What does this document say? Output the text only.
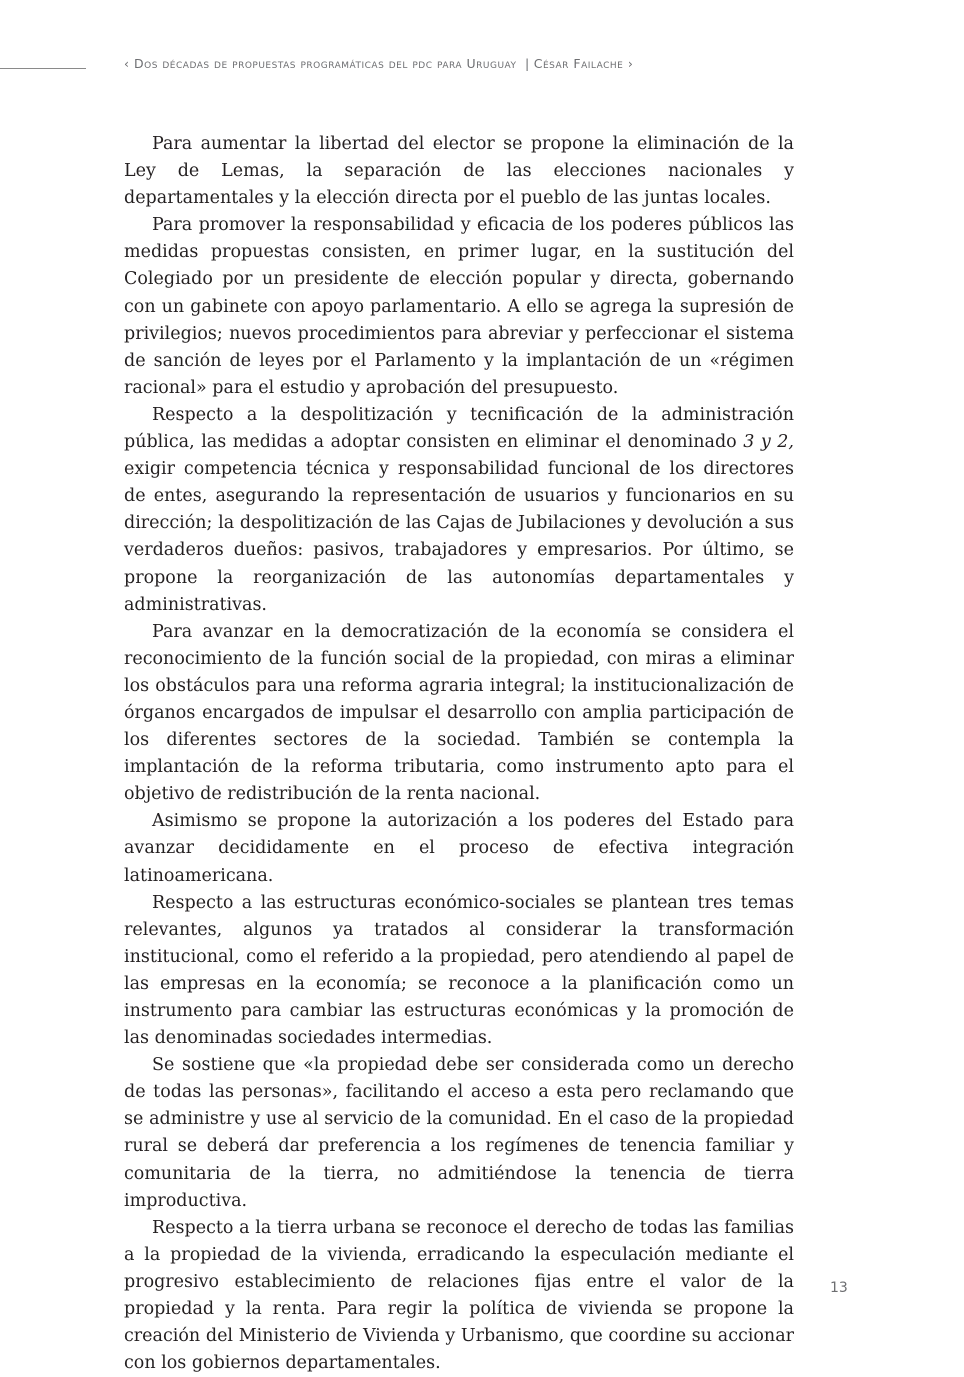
‹ Dos décadas de propuestas programáticas del pdc para Uruguay | César Failache ›

Para aumentar la libertad del elector se propone la eliminación de la Ley de Lemas, la separación de las elecciones nacionales y departamentales y la elección directa por el pueblo de las juntas locales.

Para promover la responsabilidad y eficacia de los poderes públicos las medidas propuestas consisten, en primer lugar, en la sustitución del Colegiado por un presidente de elección popular y directa, gobernando con un gabinete con apoyo parlamentario. A ello se agrega la supresión de privilegios; nuevos procedimientos para abreviar y perfeccionar el sistema de sanción de leyes por el Parlamento y la implantación de un «régimen racional» para el estudio y aprobación del presupuesto.

Respecto a la despolitización y tecnificación de la administración pública, las medidas a adoptar consisten en eliminar el denominado 3 y 2, exigir competencia técnica y responsabilidad funcional de los directores de entes, asegurando la representación de usuarios y funcionarios en su dirección; la despolitización de las Cajas de Jubilaciones y devolución a sus verdaderos dueños: pasivos, trabajadores y empresarios. Por último, se propone la reorganización de las autonomías departamentales y administrativas.

Para avanzar en la democratización de la economía se considera el reconocimiento de la función social de la propiedad, con miras a eliminar los obstáculos para una reforma agraria integral; la institucionalización de órganos encargados de impulsar el desarrollo con amplia participación de los diferentes sectores de la sociedad. También se contempla la implantación de la reforma tributaria, como instrumento apto para el objetivo de redistribución de la renta nacional.

Asimismo se propone la autorización a los poderes del Estado para avanzar decididamente en el proceso de efectiva integración latinoamericana.

Respecto a las estructuras económico-sociales se plantean tres temas relevantes, algunos ya tratados al considerar la transformación institucional, como el referido a la propiedad, pero atendiendo al papel de las empresas en la economía; se reconoce a la planificación como un instrumento para cambiar las estructuras económicas y la promoción de las denominadas sociedades intermedias.

Se sostiene que «la propiedad debe ser considerada como un derecho de todas las personas», facilitando el acceso a esta pero reclamando que se administre y use al servicio de la comunidad. En el caso de la propiedad rural se deberá dar preferencia a los regímenes de tenencia familiar y comunitaria de la tierra, no admitiéndose la tenencia de tierra improductiva.

Respecto a la tierra urbana se reconoce el derecho de todas las familias a la propiedad de la vivienda, erradicando la especulación mediante el progresivo establecimiento de relaciones fijas entre el valor de la propiedad y la renta. Para regir la política de vivienda se propone la creación del Ministerio de Vivienda y Urbanismo, que coordine su accionar con los gobiernos departamentales.

13
